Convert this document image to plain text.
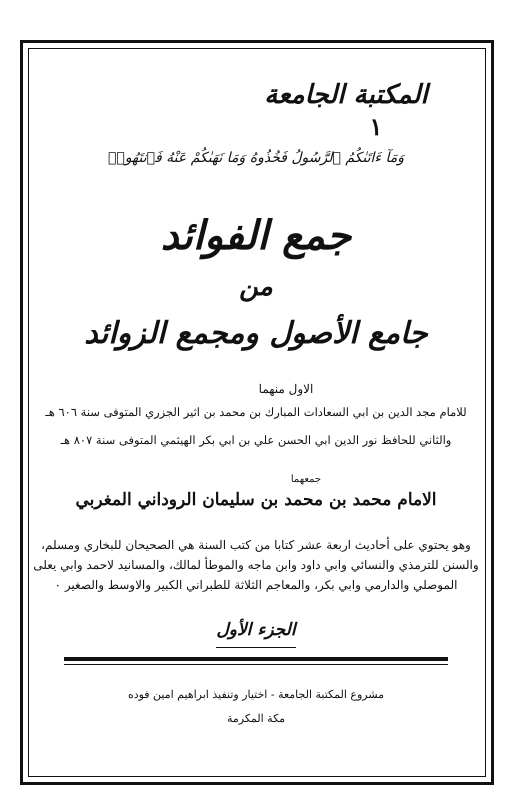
المكتبة الجامعة
١
وَمَآ ءَاتَىٰكُمُ ٱلرَّسُولُ فَخُذُوهُ وَمَا نَهَىٰكُمْ عَنْهُ فَٱنتَهُوا۟
جمع الفوائد
من
جامع الأصول ومجمع الزوائد
الاول منهما
للامام مجد الدين بن ابي السعادات المبارك بن محمد بن اثير الجزري المتوفى سنة ٦٠٦ هـ
والثاني للحافظ نور الدين ابي الحسن علي بن ابي بكر الهيثمي المتوفى سنة ٨٠٧ هـ
جمعهما
الامام محمد بن محمد بن سليمان الروداني المغربي
وهو يحتوي على أحاديث اربعة عشر كتابا من كتب السنة هي الصحيحان للبخاري ومسلم،
والسنن للترمذي والنسائي وابي داود وابن ماجه والموطأ لمالك، والمسانيد لاحمد وابي يعلى
الموصلي والدارمي وابي بكر، والمعاجم الثلاثة للطبراني الكبير والاوسط والصغير ٠
الجزء الأول
مشروع المكتبة الجامعة - اختيار وتنفيذ ابراهيم امين فوده
مكة المكرمة
